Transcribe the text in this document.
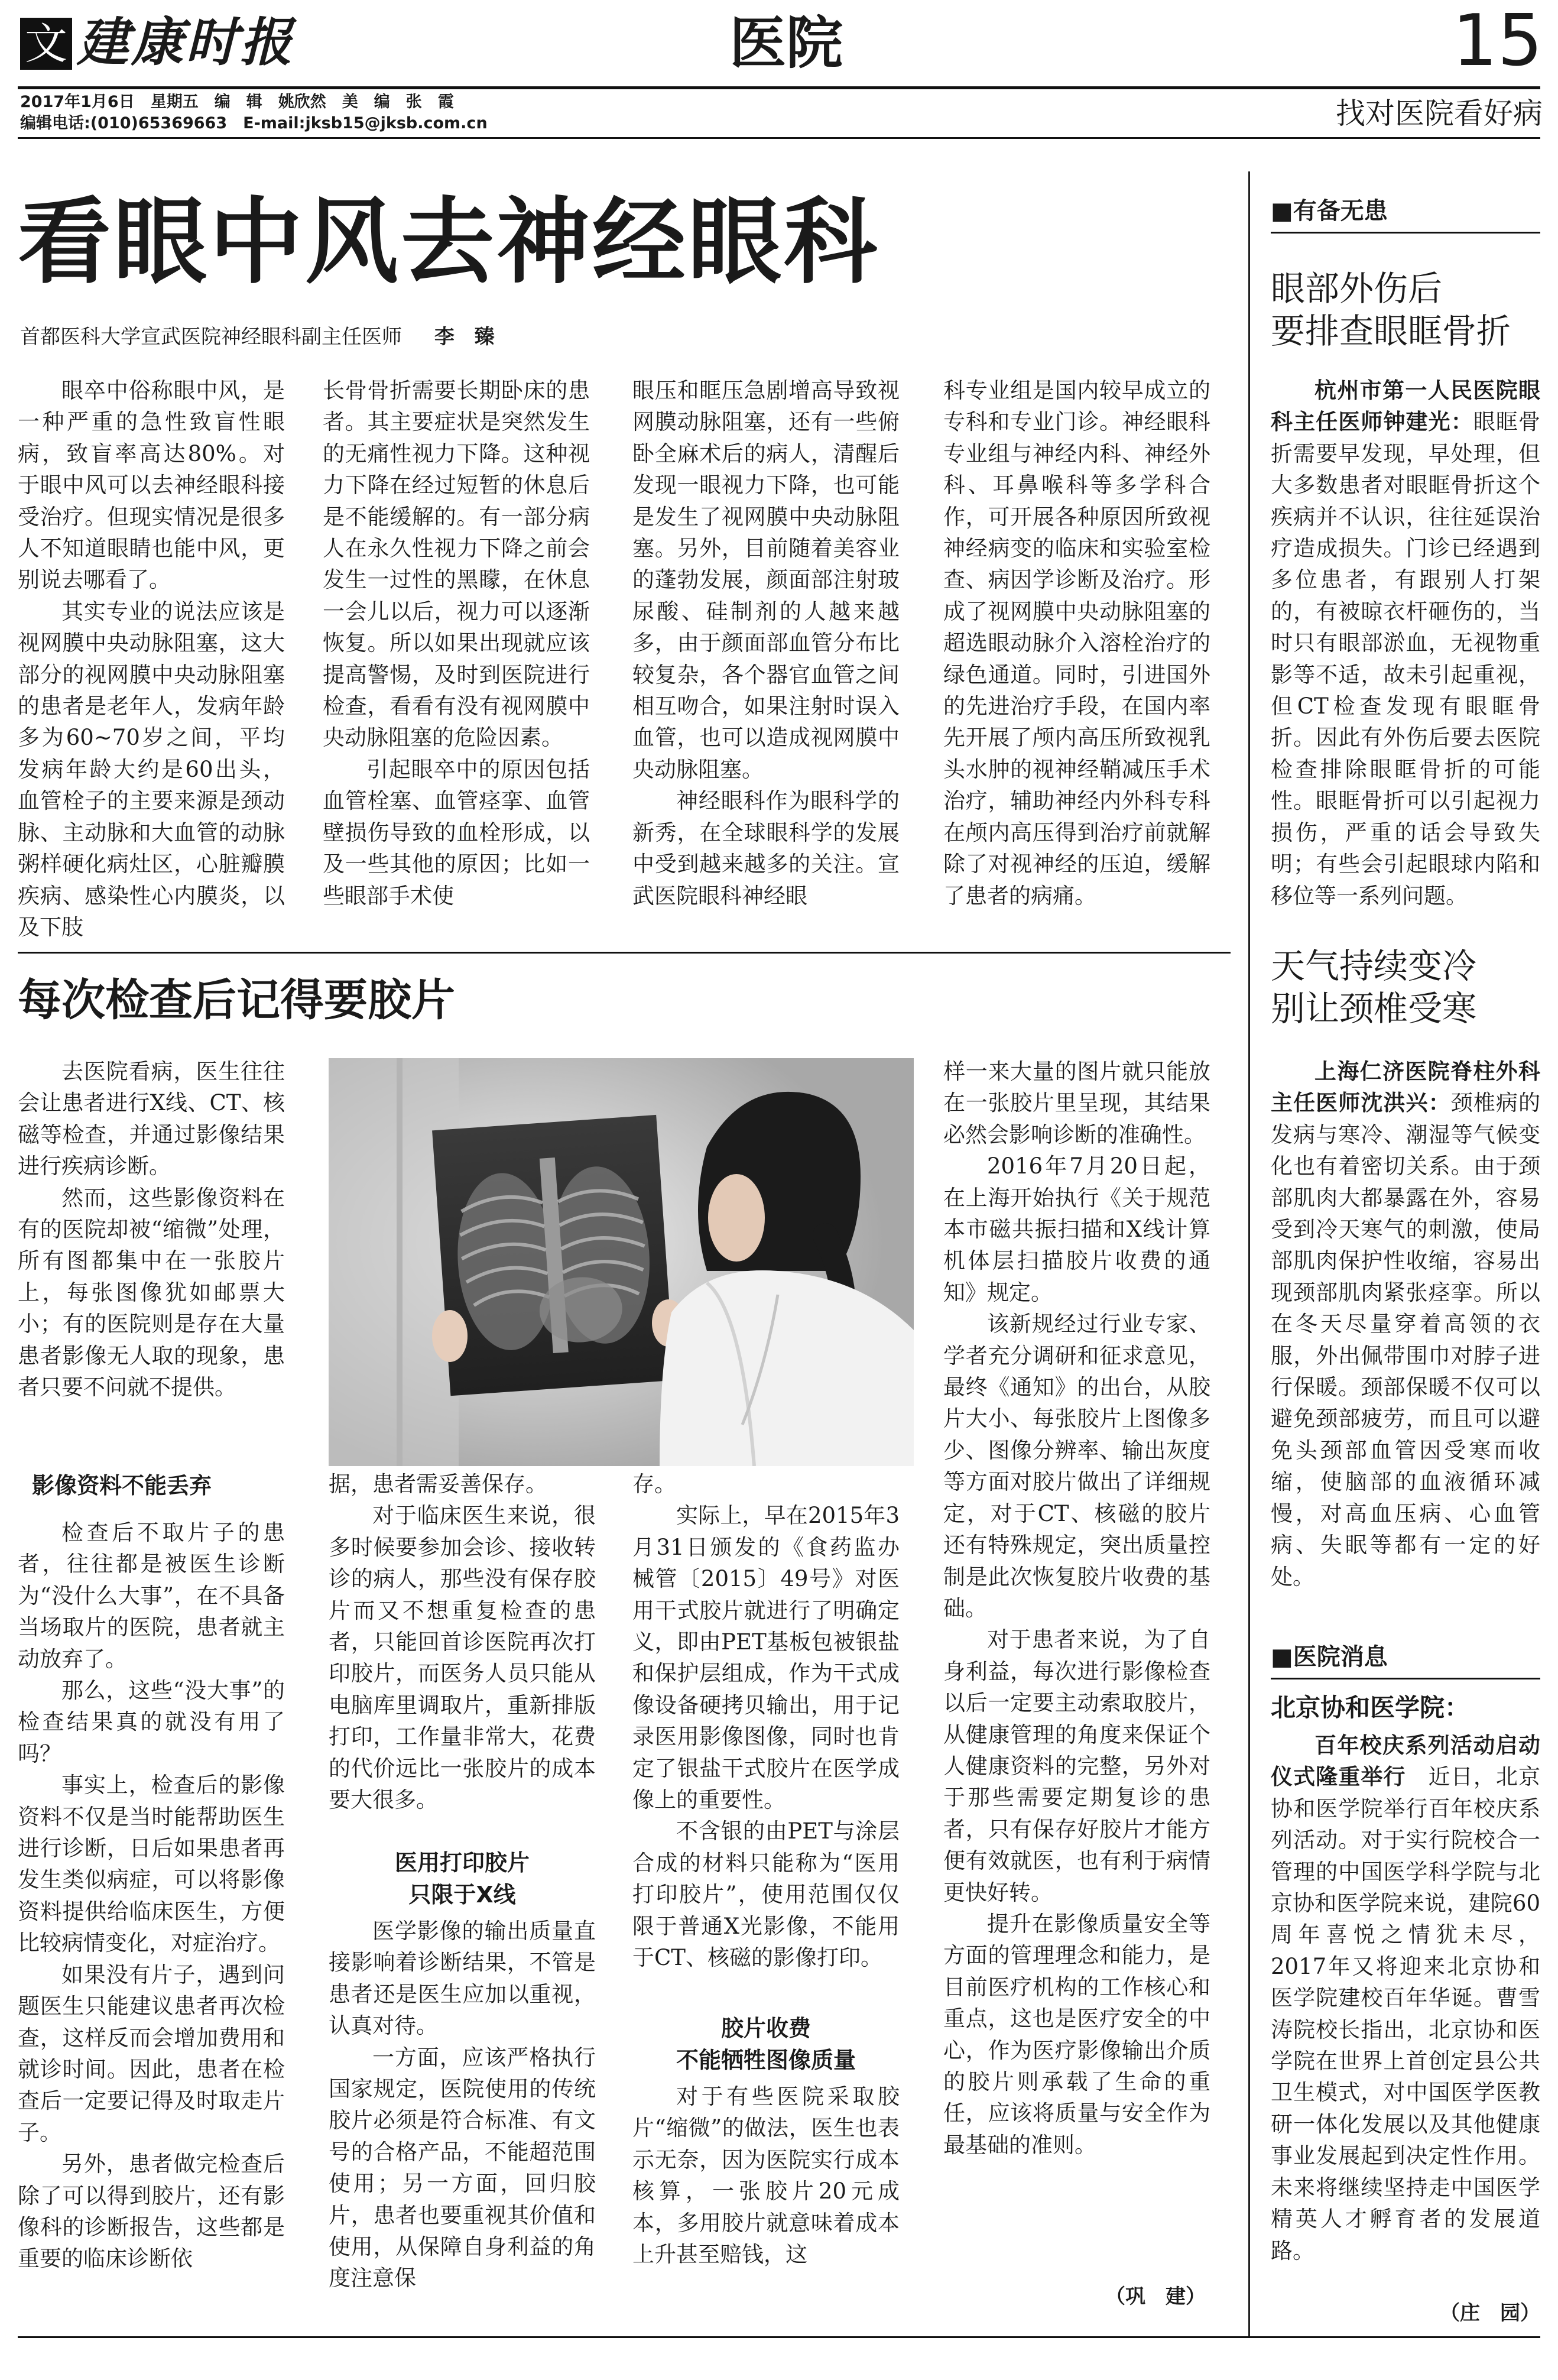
文 建康时报	医院	15
2017年1月6日　星期五　编　辑　姚欣然　美　编　张　霞
编辑电话:(010)65369663　E-mail:jksb15@jksb.com.cn	找对医院看好病
看眼中风去神经眼科
首都医科大学宣武医院神经眼科副主任医师 李　臻

眼卒中俗称眼中风，是一种严重的急性致盲性眼病，致盲率高达80%。对于眼中风可以去神经眼科接受治疗。但现实情况是很多人不知道眼睛也能中风，更别说去哪看了。

其实专业的说法应该是视网膜中央动脉阻塞，这大部分的视网膜中央动脉阻塞的患者是老年人，发病年龄多为60~70岁之间，平均发病年龄大约是60出头，血管栓子的主要来源是颈动脉、主动脉和大血管的动脉粥样硬化病灶区，心脏瓣膜疾病、感染性心内膜炎，以及下肢

长骨骨折需要长期卧床的患者。其主要症状是突然发生的无痛性视力下降。这种视力下降在经过短暂的休息后是不能缓解的。有一部分病人在永久性视力下降之前会发生一过性的黑矇，在休息一会儿以后，视力可以逐渐恢复。所以如果出现就应该提高警惕，及时到医院进行检查，看看有没有视网膜中央动脉阻塞的危险因素。

引起眼卒中的原因包括血管栓塞、血管痉挛、血管壁损伤导致的血栓形成，以及一些其他的原因；比如一些眼部手术使

眼压和眶压急剧增高导致视网膜动脉阻塞，还有一些俯卧全麻术后的病人，清醒后发现一眼视力下降，也可能是发生了视网膜中央动脉阻塞。另外，目前随着美容业的蓬勃发展，颜面部注射玻尿酸、硅制剂的人越来越多，由于颜面部血管分布比较复杂，各个器官血管之间相互吻合，如果注射时误入血管，也可以造成视网膜中央动脉阻塞。

神经眼科作为眼科学的新秀，在全球眼科学的发展中受到越来越多的关注。宣武医院眼科神经眼

科专业组是国内较早成立的专科和专业门诊。神经眼科专业组与神经内科、神经外科、耳鼻喉科等多学科合作，可开展各种原因所致视神经病变的临床和实验室检查、病因学诊断及治疗。形成了视网膜中央动脉阻塞的超选眼动脉介入溶栓治疗的绿色通道。同时，引进国外的先进治疗手段，在国内率先开展了颅内高压所致视乳头水肿的视神经鞘减压手术治疗，辅助神经内外科专科在颅内高压得到治疗前就解除了对视神经的压迫，缓解了患者的病痛。

每次检查后记得要胶片

去医院看病，医生往往会让患者进行X线、CT、核磁等检查，并通过影像结果进行疾病诊断。

然而，这些影像资料在有的医院却被“缩微”处理，所有图都集中在一张胶片上，每张图像犹如邮票大小；有的医院则是存在大量患者影像无人取的现象，患者只要不问就不提供。

影像资料不能丢弃

检查后不取片子的患者，往往都是被医生诊断为“没什么大事”，在不具备当场取片的医院，患者就主动放弃了。

那么，这些“没大事”的检查结果真的就没有用了吗？

事实上，检查后的影像资料不仅是当时能帮助医生进行诊断，日后如果患者再发生类似病症，可以将影像资料提供给临床医生，方便比较病情变化，对症治疗。

如果没有片子，遇到问题医生只能建议患者再次检查，这样反而会增加费用和就诊时间。因此，患者在检查后一定要记得及时取走片子。

另外，患者做完检查后除了可以得到胶片，还有影像科的诊断报告，这些都是重要的临床诊断依

据，患者需妥善保存。

对于临床医生来说，很多时候要参加会诊、接收转诊的病人，那些没有保存胶片而又不想重复检查的患者，只能回首诊医院再次打印胶片，而医务人员只能从电脑库里调取片，重新排版打印，工作量非常大，花费的代价远比一张胶片的成本要大很多。

医用打印胶片
只限于X线

医学影像的输出质量直接影响着诊断结果，不管是患者还是医生应加以重视，认真对待。

一方面，应该严格执行国家规定，医院使用的传统胶片必须是符合标准、有文号的合格产品，不能超范围使用；另一方面，回归胶片，患者也要重视其价值和使用，从保障自身利益的角度注意保

存。

实际上，早在2015年3月31日颁发的《食药监办械管〔2015〕49号》对医用干式胶片就进行了明确定义，即由PET基板包被银盐和保护层组成，作为干式成像设备硬拷贝输出，用于记录医用影像图像，同时也肯定了银盐干式胶片在医学成像上的重要性。

不含银的由PET与涂层合成的材料只能称为“医用打印胶片”，使用范围仅仅限于普通X光影像，不能用于CT、核磁的影像打印。

胶片收费
不能牺牲图像质量

对于有些医院采取胶片“缩微”的做法，医生也表示无奈，因为医院实行成本核算，一张胶片20元成本，多用胶片就意味着成本上升甚至赔钱，这

样一来大量的图片就只能放在一张胶片里呈现，其结果必然会影响诊断的准确性。

2016年7月20日起，在上海开始执行《关于规范本市磁共振扫描和X线计算机体层扫描胶片收费的通知》规定。

该新规经过行业专家、学者充分调研和征求意见，最终《通知》的出台，从胶片大小、每张胶片上图像多少、图像分辨率、输出灰度等方面对胶片做出了详细规定，对于CT、核磁的胶片还有特殊规定，突出质量控制是此次恢复胶片收费的基础。

对于患者来说，为了自身利益，每次进行影像检查以后一定要主动索取胶片，从健康管理的角度来保证个人健康资料的完整，另外对于那些需要定期复诊的患者，只有保存好胶片才能方便有效就医，也有利于病情更快好转。

提升在影像质量安全等方面的管理理念和能力，是目前医疗机构的工作核心和重点，这也是医疗安全的中心，作为医疗影像输出介质的胶片则承载了生命的重任，应该将质量与安全作为最基础的准则。

（巩　建）
■有备无患
眼部外伤后
要排查眼眶骨折

杭州市第一人民医院眼科主任医师钟建光：眼眶骨折需要早发现，早处理，但大多数患者对眼眶骨折这个疾病并不认识，往往延误治疗造成损失。门诊已经遇到多位患者，有跟别人打架的，有被晾衣杆砸伤的，当时只有眼部淤血，无视物重影等不适，故未引起重视，但CT检查发现有眼眶骨折。因此有外伤后要去医院检查排除眼眶骨折的可能性。眼眶骨折可以引起视力损伤，严重的话会导致失明；有些会引起眼球内陷和移位等一系列问题。

天气持续变冷
别让颈椎受寒

上海仁济医院脊柱外科主任医师沈洪兴：颈椎病的发病与寒冷、潮湿等气候变化也有着密切关系。由于颈部肌肉大都暴露在外，容易受到冷天寒气的刺激，使局部肌肉保护性收缩，容易出现颈部肌肉紧张痉挛。所以在冬天尽量穿着高领的衣服，外出佩带围巾对脖子进行保暖。颈部保暖不仅可以避免颈部疲劳，而且可以避免头颈部血管因受寒而收缩，使脑部的血液循环减慢，对高血压病、心血管病、失眠等都有一定的好处。

■医院消息
北京协和医学院：

百年校庆系列活动启动仪式隆重举行　 近日，北京协和医学院举行百年校庆系列活动。对于实行院校合一管理的中国医学科学院与北京协和医学院来说，建院60周年喜悦之情犹未尽，2017年又将迎来北京协和医学院建校百年华诞。曹雪涛院校长指出，北京协和医学院在世界上首创定县公共卫生模式，对中国医学医教研一体化发展以及其他健康事业发展起到决定性作用。未来将继续坚持走中国医学精英人才孵育者的发展道路。

（庄　园）
